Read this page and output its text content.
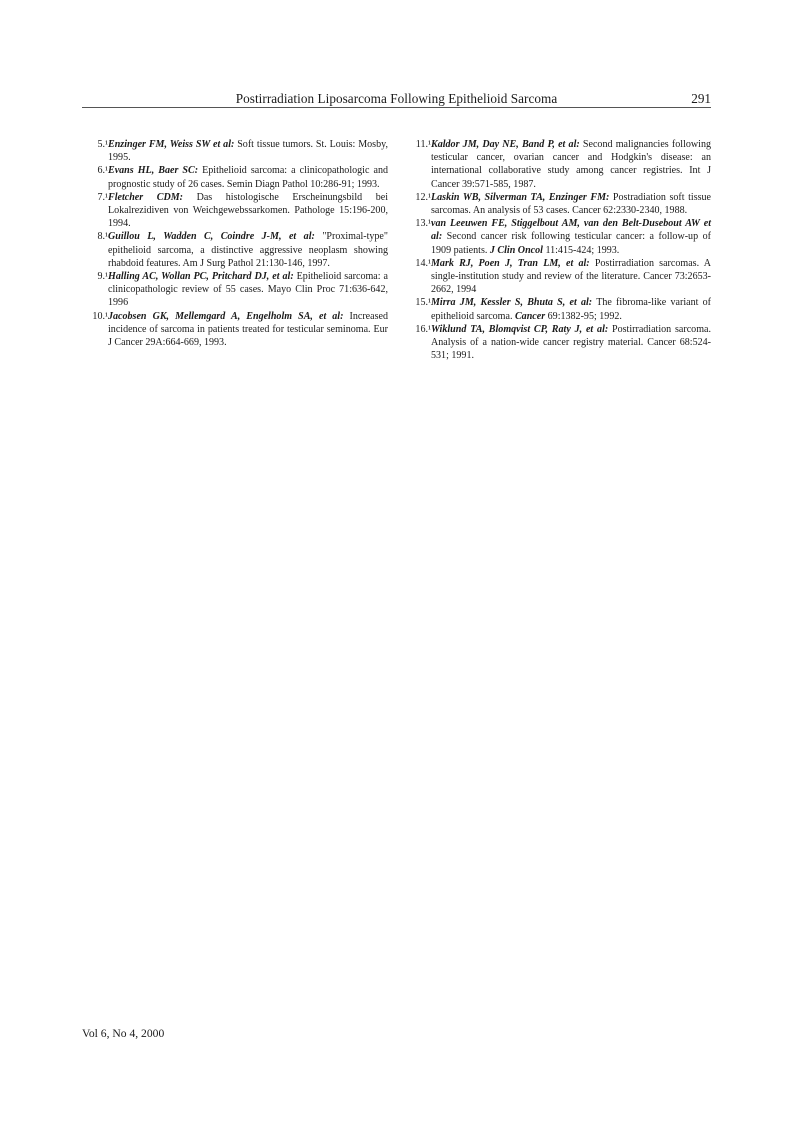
Postirradiation Liposarcoma Following Epithelioid Sarcoma	291

5.¹ Enzinger FM, Weiss SW et al: Soft tissue tumors. St. Louis: Mosby, 1995.

6.¹ Evans HL, Baer SC: Epithelioid sarcoma: a clinicopathologic and prognostic study of 26 cases. Semin Diagn Pathol 10:286-91; 1993.

7.¹ Fletcher CDM: Das histologische Erscheinungsbild bei Lokalrezidiven von Weichgewebssarkomen. Pathologe 15:196-200, 1994.

8.¹ Guillou L, Wadden C, Coindre J-M, et al: "Proximal-type" epithelioid sarcoma, a distinctive aggressive neoplasm showing rhabdoid features. Am J Surg Pathol 21:130-146, 1997.

9.¹ Halling AC, Wollan PC, Pritchard DJ, et al: Epithelioid sarcoma: a clinicopathologic review of 55 cases. Mayo Clin Proc 71:636-642, 1996

10.¹ Jacobsen GK, Mellemgard A, Engelholm SA, et al: Increased incidence of sarcoma in patients treated for testicular seminoma. Eur J Cancer 29A:664-669, 1993.

11.¹ Kaldor JM, Day NE, Band P, et al: Second malignancies following testicular cancer, ovarian cancer and Hodgkin's disease: an international collaborative study among cancer registries. Int J Cancer 39:571-585, 1987.

12.¹ Laskin WB, Silverman TA, Enzinger FM: Postradiation soft tissue sarcomas. An analysis of 53 cases. Cancer 62:2330-2340, 1988.

13.¹ van Leeuwen FE, Stiggelbout AM, van den Belt-Dusebout AW et al: Second cancer risk following testicular cancer: a follow-up of 1909 patients. J Clin Oncol 11:415-424; 1993.

14.¹ Mark RJ, Poen J, Tran LM, et al: Postirradiation sarcomas. A single-institution study and review of the literature. Cancer 73:2653-2662, 1994

15.¹ Mirra JM, Kessler S, Bhuta S, et al: The fibroma-like variant of epithelioid sarcoma. Cancer 69:1382-95; 1992.

16.¹ Wiklund TA, Blomqvist CP, Raty J, et al: Postirradiation sarcoma. Analysis of a nation-wide cancer registry material. Cancer 68:524-531; 1991.

Vol 6, No 4, 2000
